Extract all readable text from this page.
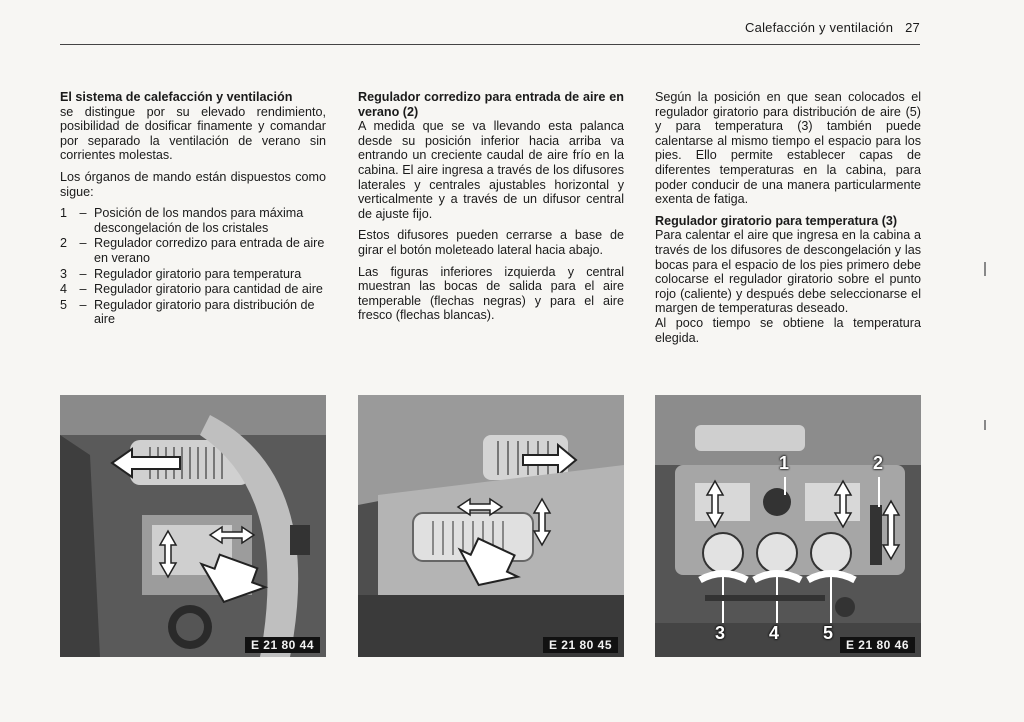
Calefacción y ventilación 27

El sistema de calefacción y ventilación
se distingue por su elevado rendimiento, posibilidad de dosificar finamente y comandar por separado la ventilación de verano sin corrientes molestas.

Los órganos de mando están dispuestos como sigue:

1 – Posición de los mandos para máxima descongelación de los cristales
2 – Regulador corredizo para entrada de aire en verano
3 – Regulador giratorio para temperatura
4 – Regulador giratorio para cantidad de aire
5 – Regulador giratorio para distribución de aire

Regulador corredizo para entrada de aire en verano (2)

A medida que se va llevando esta palanca desde su posición inferior hacia arriba va entrando un creciente caudal de aire frío en la cabina. El aire ingresa a través de los difusores laterales y centrales ajustables horizontal y verticalmente y a través de un difusor central de ajuste fijo.

Estos difusores pueden cerrarse a base de girar el botón moleteado lateral hacia abajo.

Las figuras inferiores izquierda y central muestran las bocas de salida para el aire temperable (flechas negras) y para el aire fresco (flechas blancas).

Según la posición en que sean colocados el regulador giratorio para distribución de aire (5) y para temperatura (3) también puede calentarse al mismo tiempo el espacio para los pies. Ello permite establecer capas de diferentes temperaturas en la cabina, para poder conducir de una manera particularmente exenta de fatiga.

Regulador giratorio para temperatura (3)

Para calentar el aire que ingresa en la cabina a través de los difusores de descongelación y las bocas para el espacio de los pies primero debe colocarse el regulador giratorio sobre el punto rojo (caliente) y después debe seleccionarse el margen de temperaturas deseado.

Al poco tiempo se obtiene la temperatura elegida.

E 21 80 44	E 21 80 45
1	2
3 4 5
E 21 80 46
